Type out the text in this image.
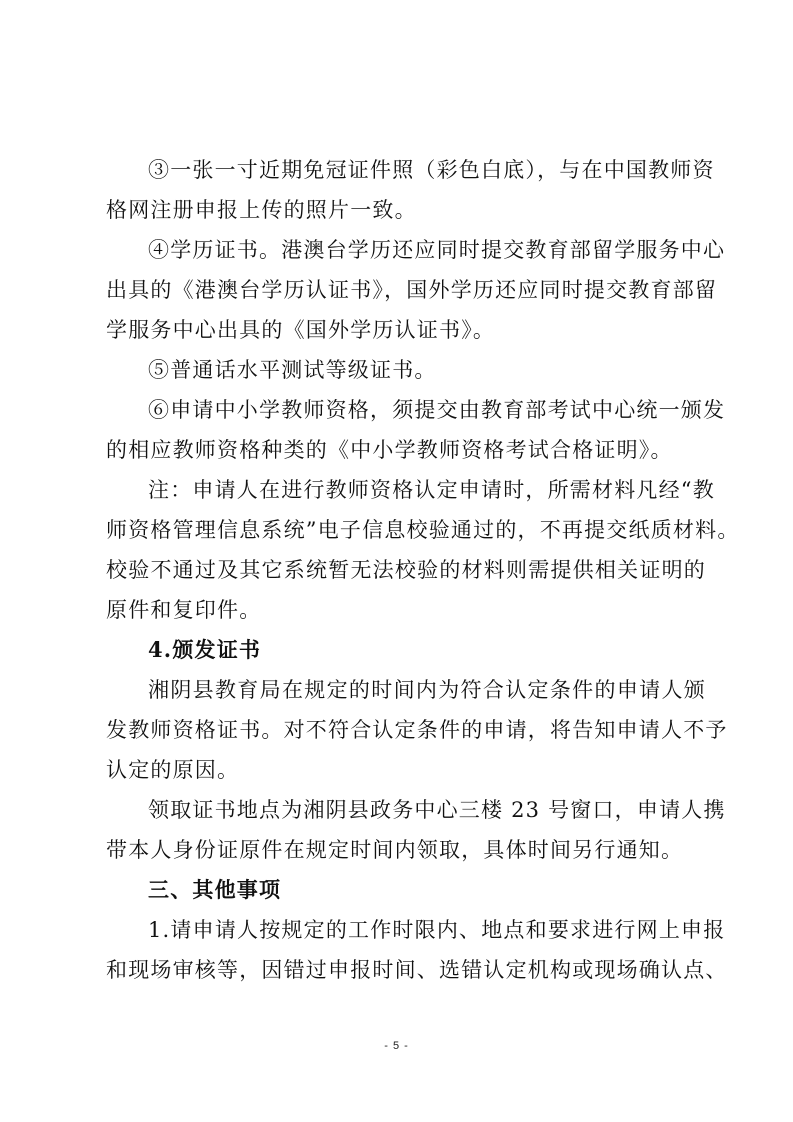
③一张一寸近期免冠证件照（彩色白底），与在中国教师资
格网注册申报上传的照片一致。
④学历证书。港澳台学历还应同时提交教育部留学服务中心
出具的《港澳台学历认证书》，国外学历还应同时提交教育部留
学服务中心出具的《国外学历认证书》。
⑤普通话水平测试等级证书。
⑥申请中小学教师资格，须提交由教育部考试中心统一颁发
的相应教师资格种类的《中小学教师资格考试合格证明》。
注：申请人在进行教师资格认定申请时，所需材料凡经“教
师资格管理信息系统”电子信息校验通过的，不再提交纸质材料。
校验不通过及其它系统暂无法校验的材料则需提供相关证明的
原件和复印件。
4.颁发证书
湘阴县教育局在规定的时间内为符合认定条件的申请人颁
发教师资格证书。对不符合认定条件的申请，将告知申请人不予
认定的原因。
领取证书地点为湘阴县政务中心三楼 23 号窗口，申请人携
带本人身份证原件在规定时间内领取，具体时间另行通知。
三、其他事项
1.请申请人按规定的工作时限内、地点和要求进行网上申报
和现场审核等，因错过申报时间、选错认定机构或现场确认点、
- 5 -
